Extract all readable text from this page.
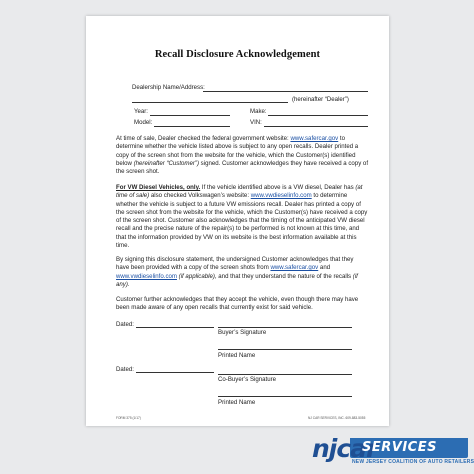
Recall Disclosure Acknowledgement
Dealership Name/Address:
(hereinafter “Dealer”)
Year:	Make:
Model:	VIN:

At time of sale, Dealer checked the federal government website: www.safercar.gov to determine whether the vehicle listed above is subject to any open recalls. Dealer printed a copy of the screen shot from the website for the vehicle, which the Customer(s) identified below (hereinafter “Customer”) signed. Customer acknowledges they have received a copy of the screen shot.

For VW Diesel Vehicles, only. If the vehicle identified above is a VW diesel, Dealer has (at time of sale) also checked Volkswagen’s website: www.vwdieselinfo.com to determine whether the vehicle is subject to a future VW emissions recall. Dealer has printed a copy of the screen shot from the website for the vehicle, which the Customer(s) have received a copy of the screen shot. Customer also acknowledges that the timing of the anticipated VW diesel recall and the precise nature of the repair(s) to be performed is not known at this time, and that the information provided by VW on its website is the best information available at this time.

By signing this disclosure statement, the undersigned Customer acknowledges that they have been provided with a copy of the screen shots from www.safercar.gov and www.vwdieselinfo.com (if applicable), and that they understand the nature of the recalls (if any).

Customer further acknowledges that they accept the vehicle, even though there may have been made aware of any open recalls that currently exist for said vehicle.

Dated:
Buyer’s Signature
Printed Name
Dated:
Co-Buyer’s Signature
Printed Name
FORM 375 (1/17)	NJ CAR SERVICES, INC. 609-883-5055
njcar
SERVICES
NEW JERSEY COALITION OF AUTO RETAILERS
